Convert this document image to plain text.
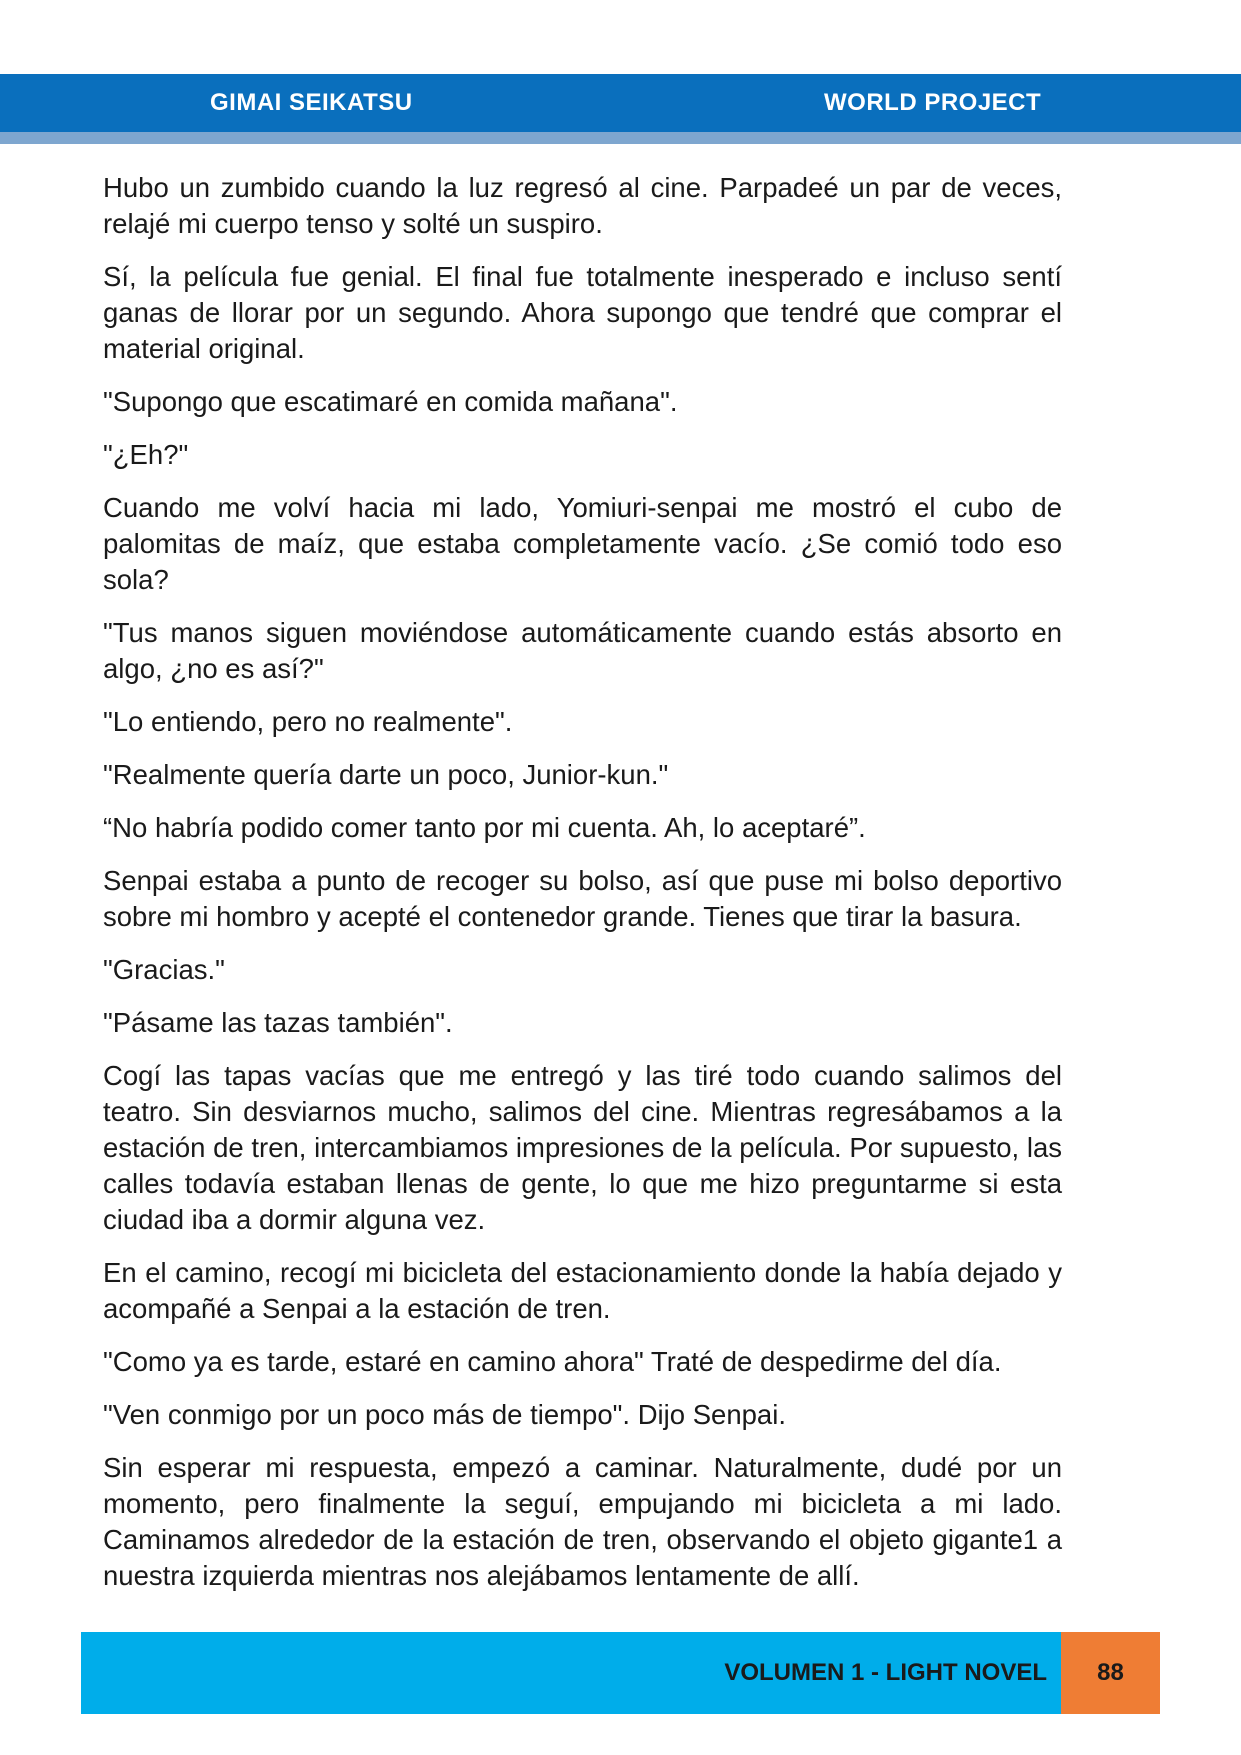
GIMAI SEIKATSU	WORLD PROJECT

Hubo un zumbido cuando la luz regresó al cine. Parpadeé un par de veces, relajé mi cuerpo tenso y solté un suspiro.

Sí, la película fue genial. El final fue totalmente inesperado e incluso sentí ganas de llorar por un segundo. Ahora supongo que tendré que comprar el material original.

"Supongo que escatimaré en comida mañana".

"¿Eh?"

Cuando me volví hacia mi lado, Yomiuri-senpai me mostró el cubo de palomitas de maíz, que estaba completamente vacío. ¿Se comió todo eso sola?

"Tus manos siguen moviéndose automáticamente cuando estás absorto en algo, ¿no es así?"

"Lo entiendo, pero no realmente".

"Realmente quería darte un poco, Junior-kun."

“No habría podido comer tanto por mi cuenta. Ah, lo aceptaré”.

Senpai estaba a punto de recoger su bolso, así que puse mi bolso deportivo sobre mi hombro y acepté el contenedor grande. Tienes que tirar la basura.

"Gracias."

"Pásame las tazas también".

Cogí las tapas vacías que me entregó y las tiré todo cuando salimos del teatro. Sin desviarnos mucho, salimos del cine. Mientras regresábamos a la estación de tren, intercambiamos impresiones de la película. Por supuesto, las calles todavía estaban llenas de gente, lo que me hizo preguntarme si esta ciudad iba a dormir alguna vez.

En el camino, recogí mi bicicleta del estacionamiento donde la había dejado y acompañé a Senpai a la estación de tren.

"Como ya es tarde, estaré en camino ahora" Traté de despedirme del día.

"Ven conmigo por un poco más de tiempo". Dijo Senpai.

Sin esperar mi respuesta, empezó a caminar. Naturalmente, dudé por un momento, pero finalmente la seguí, empujando mi bicicleta a mi lado. Caminamos alrededor de la estación de tren, observando el objeto gigante1 a nuestra izquierda mientras nos alejábamos lentamente de allí.

VOLUMEN 1 - LIGHT NOVEL	88
